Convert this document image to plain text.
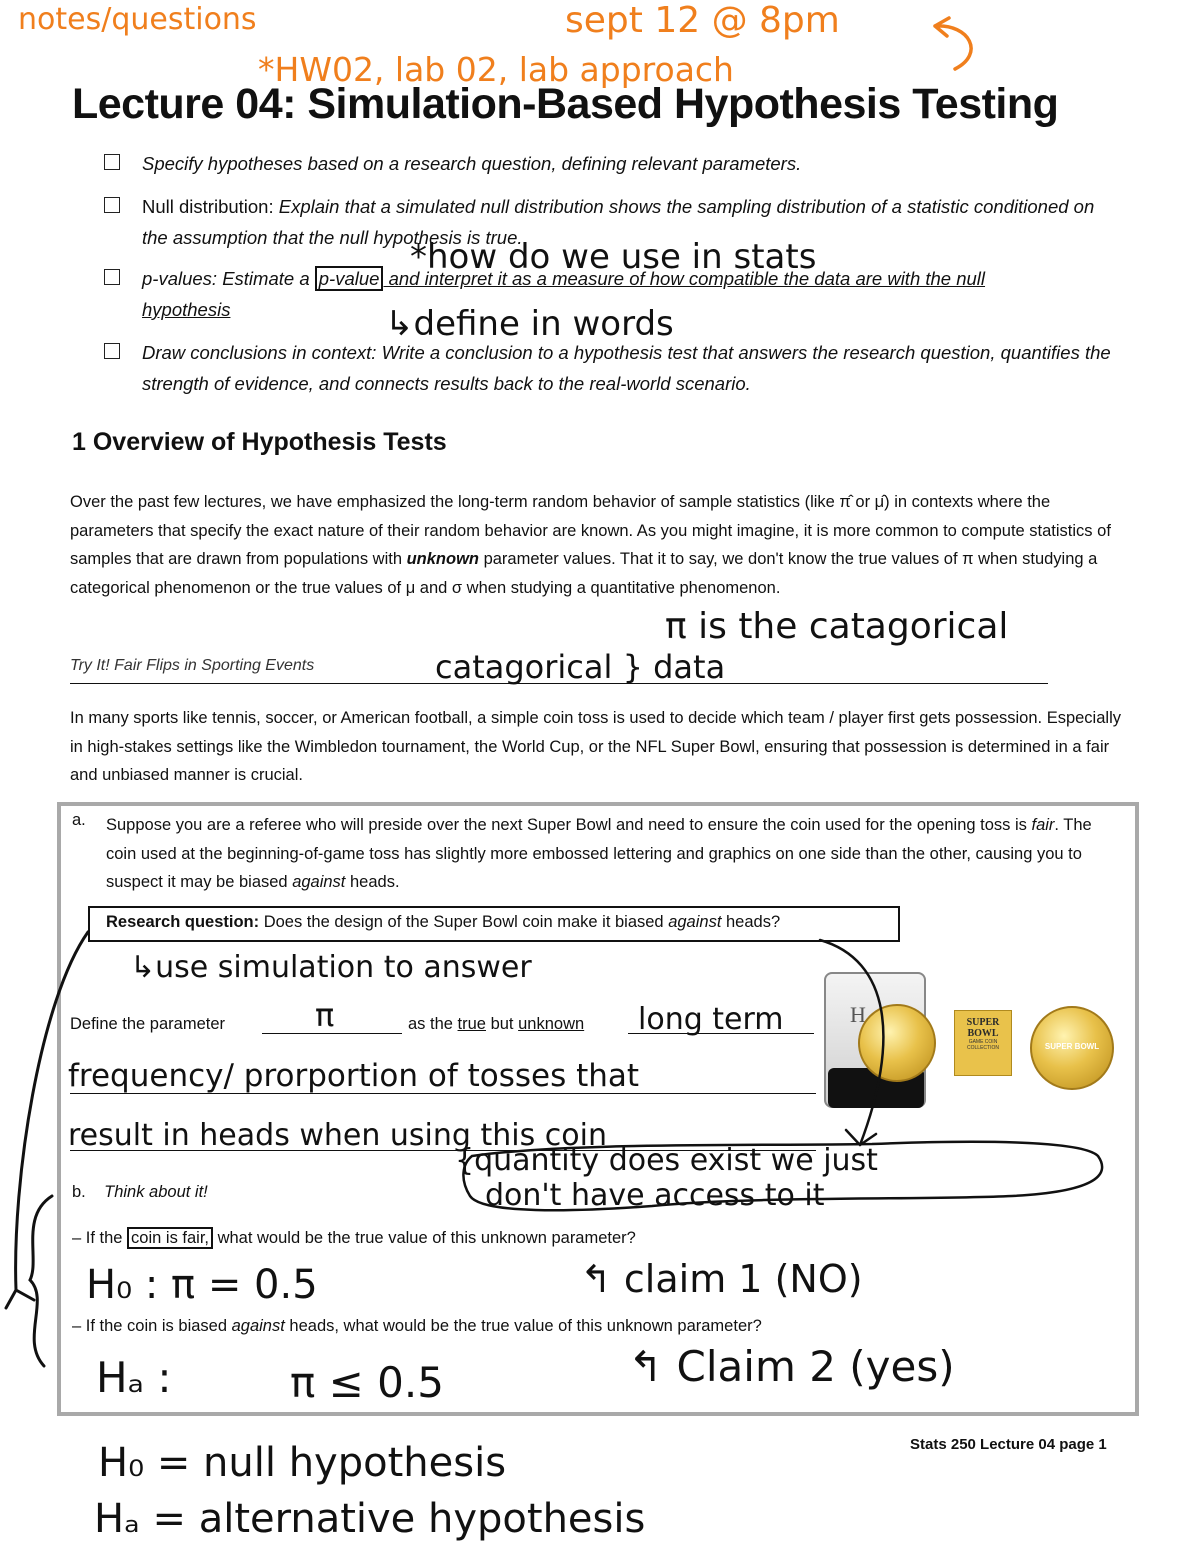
notes/questions	sept 12 @ 8pm
*HW02, lab 02, lab approach
Lecture 04: Simulation-Based Hypothesis Testing
Specify hypotheses based on a research question, defining relevant parameters.
Null distribution: Explain that a simulated null distribution shows the sampling distribution of a statistic conditioned on the assumption that the null hypothesis is true.
p-values: Estimate a p-value and interpret it as a measure of how compatible the data are with the null
hypothesis
*how do we use in stats
↳define in words
Draw conclusions in context: Write a conclusion to a hypothesis test that answers the research question, quantifies the strength of evidence, and connects results back to the real-world scenario.
1 Overview of Hypothesis Tests
Over the past few lectures, we have emphasized the long-term random behavior of sample statistics (like π̂ or μ̂) in contexts where the parameters that specify the exact nature of their random behavior are known. As you might imagine, it is more common to compute statistics of samples that are drawn from populations with unknown parameter values. That it to say, we don't know the true values of π when studying a categorical phenomenon or the true values of μ and σ when studying a quantitative phenomenon.
π is the catagorical
Try It! Fair Flips in Sporting Events	catagorical } data
In many sports like tennis, soccer, or American football, a simple coin toss is used to decide which team / player first gets possession. Especially in high-stakes settings like the Wimbledon tournament, the World Cup, or the NFL Super Bowl, ensuring that possession is determined in a fair and unbiased manner is crucial.
a. Suppose you are a referee who will preside over the next Super Bowl and need to ensure the coin used for the opening toss is fair. The coin used at the beginning-of-game toss has slightly more embossed lettering and graphics on one side than the other, causing you to suspect it may be biased against heads.
Research question: Does the design of the Super Bowl coin make it biased against heads?
↳use simulation to answer
Define the parameter	π	as the true but unknown long term
frequency/ prorportion of tosses that
result in heads when using this coin
H	SUPER BOWL
GAME COIN COLLECTION	SUPER BOWL
{quantity does exist we just
don't have access to it
b. Think about it!
– If the coin is fair, what would be the true value of this unknown parameter?
H₀ : π = 0.5	↰ claim 1 (NO)
– If the coin is biased against heads, what would be the true value of this unknown parameter?
Hₐ :	π ≤ 0.5	↰ Claim 2 (yes)
Stats 250 Lecture 04 page 1
H₀ = null hypothesis
Hₐ = alternative hypothesis
